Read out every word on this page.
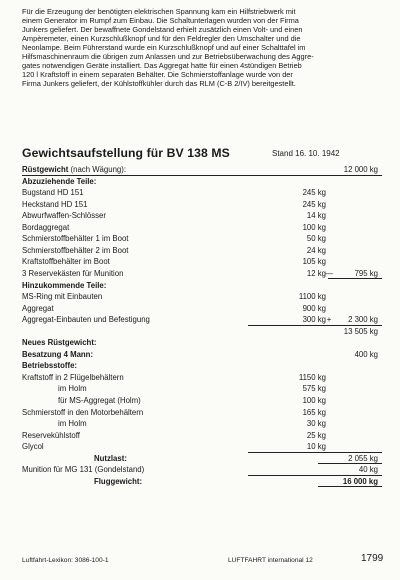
Für die Erzeugung der benötigten elektrischen Spannung kam ein Hilfstriebwerk mit
einem Generator im Rumpf zum Einbau. Die Schaltunterlagen wurden von der Firma
Junkers geliefert. Der bewaffnete Gondelstand erhielt zusätzlich einen Volt- und einen
Ampèremeter, einen Kurzschlußknopf und für den Feldregler den Umschalter und die
Neonlampe. Beim Führerstand wurde ein Kurzschlußknopf und auf einer Schalttafel im
Hilfsmaschinenraum die übrigen zum Anlassen und zur Betriebsüberwachung des Aggre-
gates notwendigen Geräte installiert. Das Aggregat hatte für einen 4stündigen Betrieb
120 l Kraftstoff in einem separaten Behälter. Die Schmierstoffanlage wurde von der
Firma Junkers geliefert, der Kühlstoffkühler durch das RLM (C-B 2/IV) bereitgestellt.
Gewichtsaufstellung für BV 138 MS	Stand 16. 10. 1942
Rüstgewicht (nach Wägung):	12 000 kg
Abzuziehende Teile:
Bugstand HD 151	245 kg
Heckstand HD 151	245 kg
Abwurfwaffen-Schlösser	14 kg
Bordaggregat	100 kg
Schmierstoffbehälter 1 im Boot	50 kg
Schmierstoffbehälter 2 im Boot	24 kg
Kraftstoffbehälter im Boot	105 kg
3 Reservekästen für Munition	12 kg —	795 kg
Hinzukommende Teile:
MS-Ring mit Einbauten	1100 kg
Aggregat	900 kg
Aggregat-Einbauten und Befestigung	300 kg +	2 300 kg
13 505 kg
Neues Rüstgewicht:
Besatzung 4 Mann:	400 kg
Betriebsstoffe:
Kraftstoff in 2 Flügelbehältern	1150 kg
im Holm	575 kg
für MS-Aggregat (Holm)	100 kg
Schmierstoff in den Motorbehältern	165 kg
im Holm	30 kg
Reservekühlstoff	25 kg
Glycol	10 kg
Nutzlast:	2 055 kg
Munition für MG 131 (Gondelstand)	40 kg
Fluggewicht:	16 000 kg
Luftfahrt-Lexikon: 3086-100-1	LUFTFAHRT international 12	1799
